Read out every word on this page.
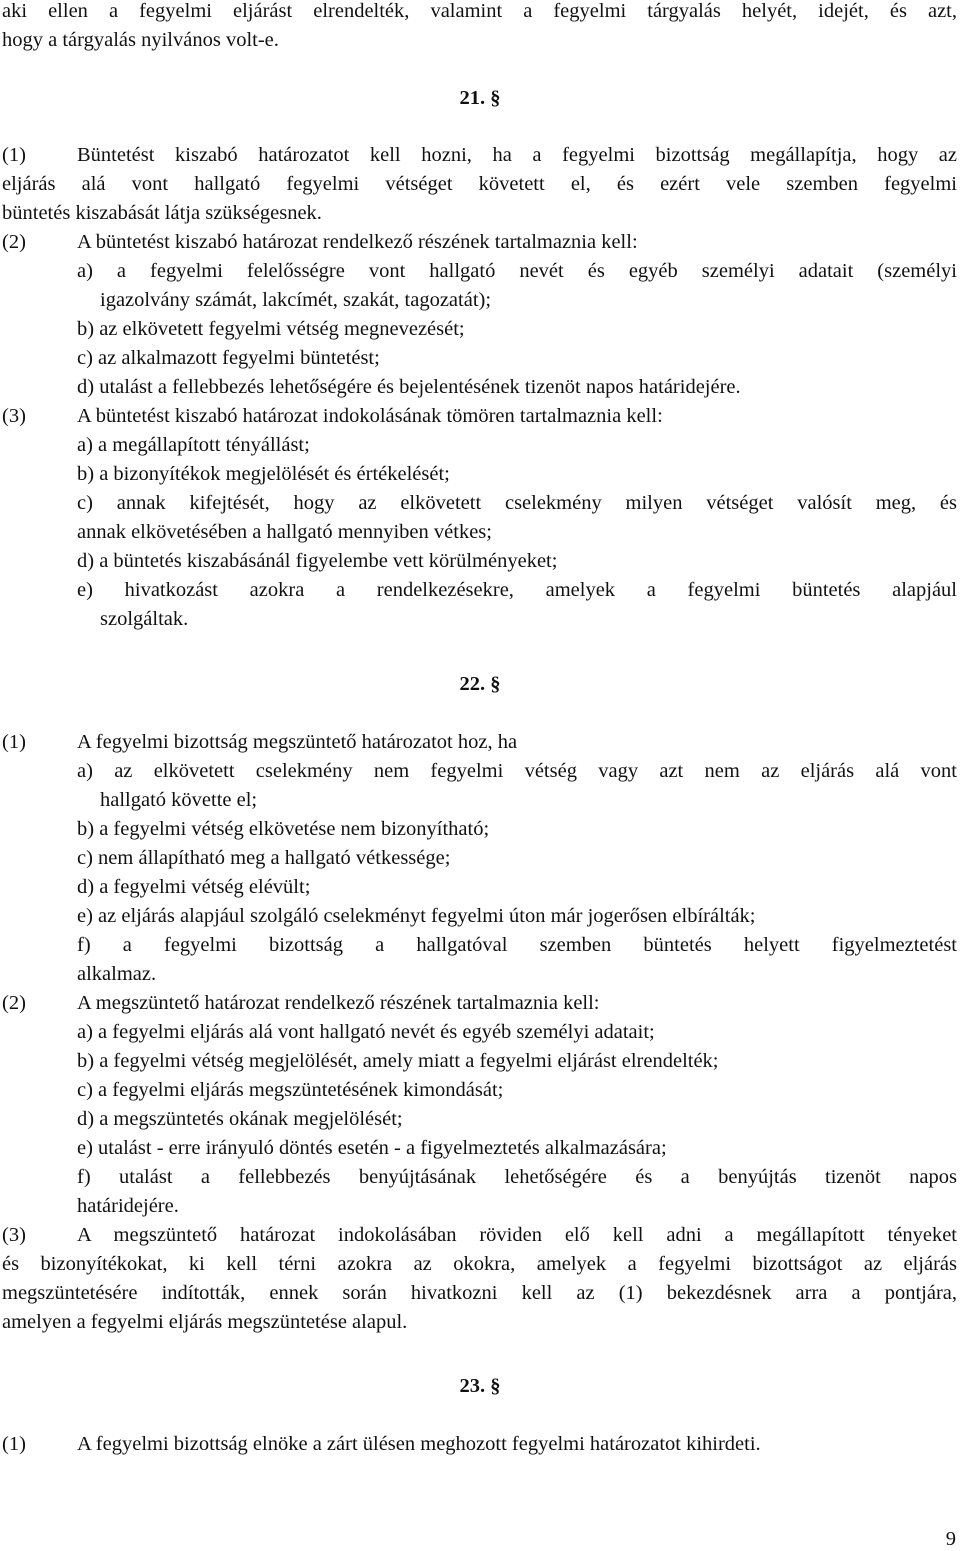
aki ellen a fegyelmi eljárást elrendelték, valamint a fegyelmi tárgyalás helyét, idejét, és azt,
hogy a tárgyalás nyilvános volt-e.
21. §
(1) Büntetést kiszabó határozatot kell hozni, ha a fegyelmi bizottság megállapítja, hogy az
eljárás alá vont hallgató fegyelmi vétséget követett el, és ezért vele szemben fegyelmi
büntetés kiszabását látja szükségesnek.
(2) A büntetést kiszabó határozat rendelkező részének tartalmaznia kell:
a) a fegyelmi felelősségre vont hallgató nevét és egyéb személyi adatait (személyi
igazolvány számát, lakcímét, szakát, tagozatát);
b) az elkövetett fegyelmi vétség megnevezését;
c) az alkalmazott fegyelmi büntetést;
d) utalást a fellebbezés lehetőségére és bejelentésének tizenöt napos határidejére.
(3) A büntetést kiszabó határozat indokolásának tömören tartalmaznia kell:
a) a megállapított tényállást;
b) a bizonyítékok megjelölését és értékelését;
c) annak kifejtését, hogy az elkövetett cselekmény milyen vétséget valósít meg, és
annak elkövetésében a hallgató mennyiben vétkes;
d) a büntetés kiszabásánál figyelembe vett körülményeket;
e) hivatkozást azokra a rendelkezésekre, amelyek a fegyelmi büntetés alapjául
szolgáltak.
22. §
(1) A fegyelmi bizottság megszüntető határozatot hoz, ha
a) az elkövetett cselekmény nem fegyelmi vétség vagy azt nem az eljárás alá vont
hallgató követte el;
b) a fegyelmi vétség elkövetése nem bizonyítható;
c) nem állapítható meg a hallgató vétkessége;
d) a fegyelmi vétség elévült;
e) az eljárás alapjául szolgáló cselekményt fegyelmi úton már jogerősen elbírálták;
f) a fegyelmi bizottság a hallgatóval szemben büntetés helyett figyelmeztetést
alkalmaz.
(2) A megszüntető határozat rendelkező részének tartalmaznia kell:
a) a fegyelmi eljárás alá vont hallgató nevét és egyéb személyi adatait;
b) a fegyelmi vétség megjelölését, amely miatt a fegyelmi eljárást elrendelték;
c) a fegyelmi eljárás megszüntetésének kimondását;
d) a megszüntetés okának megjelölését;
e) utalást - erre irányuló döntés esetén - a figyelmeztetés alkalmazására;
f) utalást a fellebbezés benyújtásának lehetőségére és a benyújtás tizenöt napos
határidejére.
(3) A megszüntető határozat indokolásában röviden elő kell adni a megállapított tényeket
és bizonyítékokat, ki kell térni azokra az okokra, amelyek a fegyelmi bizottságot az eljárás
megszüntetésére indították, ennek során hivatkozni kell az (1) bekezdésnek arra a pontjára,
amelyen a fegyelmi eljárás megszüntetése alapul.
23. §
(1) A fegyelmi bizottság elnöke a zárt ülésen meghozott fegyelmi határozatot kihirdeti.
9
